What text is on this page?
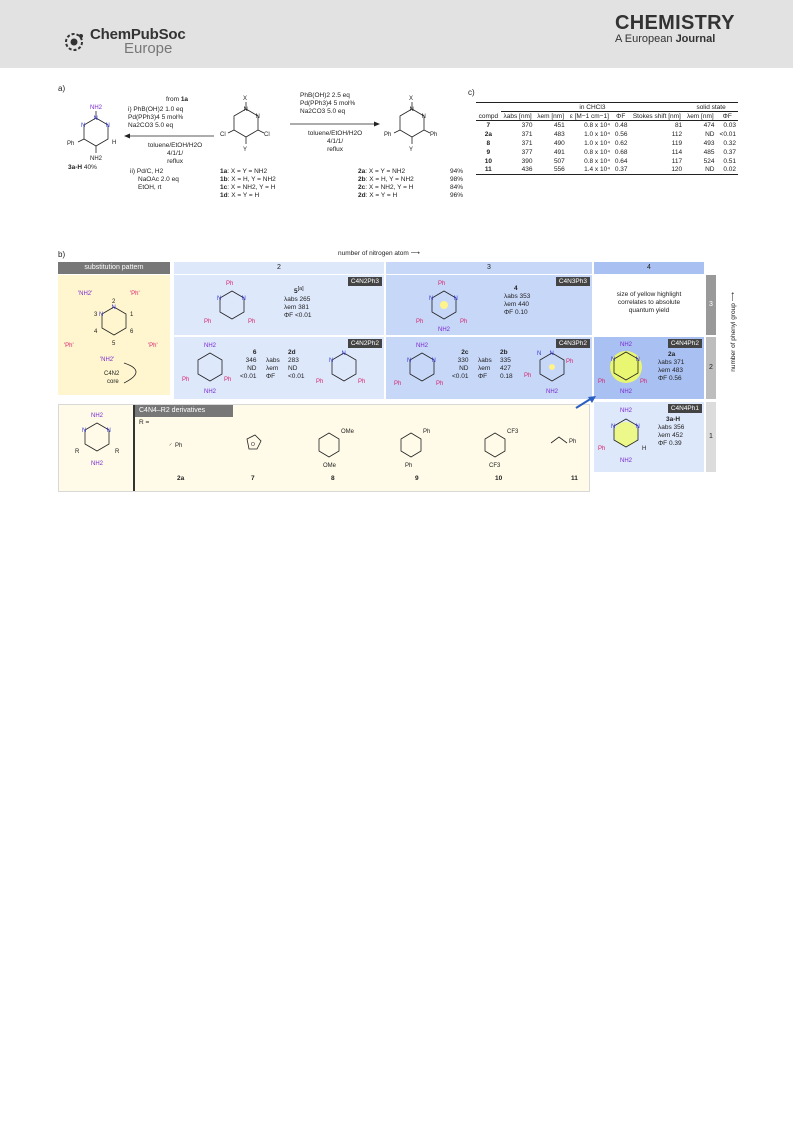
ChemPubSoc
Europe
CHEMISTRY
A European Journal
a)
NH2
N
N
N
Ph	H
NH2
3a-H 40%
from 1a
i) PhB(OH)2 1.0 eq
Pd(PPh3)4 5 mol%
Na2CO3 5.0 eq
toluene/EtOH/H2O
4/1/1/
reflux
ii) Pd/C, H2
NaOAc 2.0 eq
EtOH, rt
X
N
N
Cl	Cl
Y
1a: X = Y = NH2
1b: X = H, Y = NH2
1c: X = NH2, Y = H
1d: X = Y = H
PhB(OH)2 2.5 eq
Pd(PPh3)4 5 mol%
Na2CO3 5.0 eq
toluene/EtOH/H2O
4/1/1/
reflux
X
N
N
Ph	Ph
Y
2a: X = Y = NH2	94%
2b: X = H, Y = NH2	98%
2c: X = NH2, Y = H	84%
2d: X = Y = H	96%
c)
	in CHCl3					solid state	
compd	λabs [nm]	λem [nm]	ε [M−1 cm−1]	ΦF	Stokes shift [nm]	λem [nm]	ΦF
7	370	451	0.8 x 10⁴	0.48	81	474	0.03
2a	371	483	1.0 x 10⁴	0.56	112	ND	<0.01
8	371	490	1.0 x 10⁴	0.62	119	493	0.32
9	377	491	0.8 x 10⁴	0.68	114	485	0.37
10	390	507	0.8 x 10⁴	0.64	117	524	0.51
11	436	556	1.4 x 10⁴	0.37	120	ND	0.02
b)	number of nitrogen atom ⟶
substitution pattern
'NH2'	'Ph'
N
N
3
2
1
4
5
6
'Ph'	'Ph'
'NH2'
C4N2
core
2	3	4
C4N2Ph3
Ph
N	N
Ph	Ph
5[a]
λabs 265
λem 381
ΦF <0.01
C4N3Ph3
Ph
N	N
Ph	Ph
NH2
4
λabs 353
λem 440
ΦF 0.10
size of yellow highlight
correlates to absolute
quantum yield
C4N2Ph2
NH2
Ph	Ph
NH2
6
346
ND
<0.01

λabs
λem
ΦF
2d
283
ND
<0.01
N
N
Ph	Ph
C4N3Ph2
NH2
N	N
Ph	Ph
2c
330
ND
<0.01

λabs
λem
ΦF
2b
335
427
0.18
N N
Ph
Ph
NH2
C4N4Ph2
NH2
N	N
Ph	Ph
NH2
2a
λabs 371
λem 483
ΦF 0.56
NH2
N	N
R	R
NH2
C4N4–R2 derivatives
R =
⸝ Ph	O
OMe
OMe
Ph
Ph
CF3
CF3
Ph
2a	7	8	9	10	11
C4N4Ph1
NH2
N	N
Ph	H
NH2
3a-H
λabs 356
λem 452
ΦF 0.39
3
2
1
number of phenyl group ⟶
